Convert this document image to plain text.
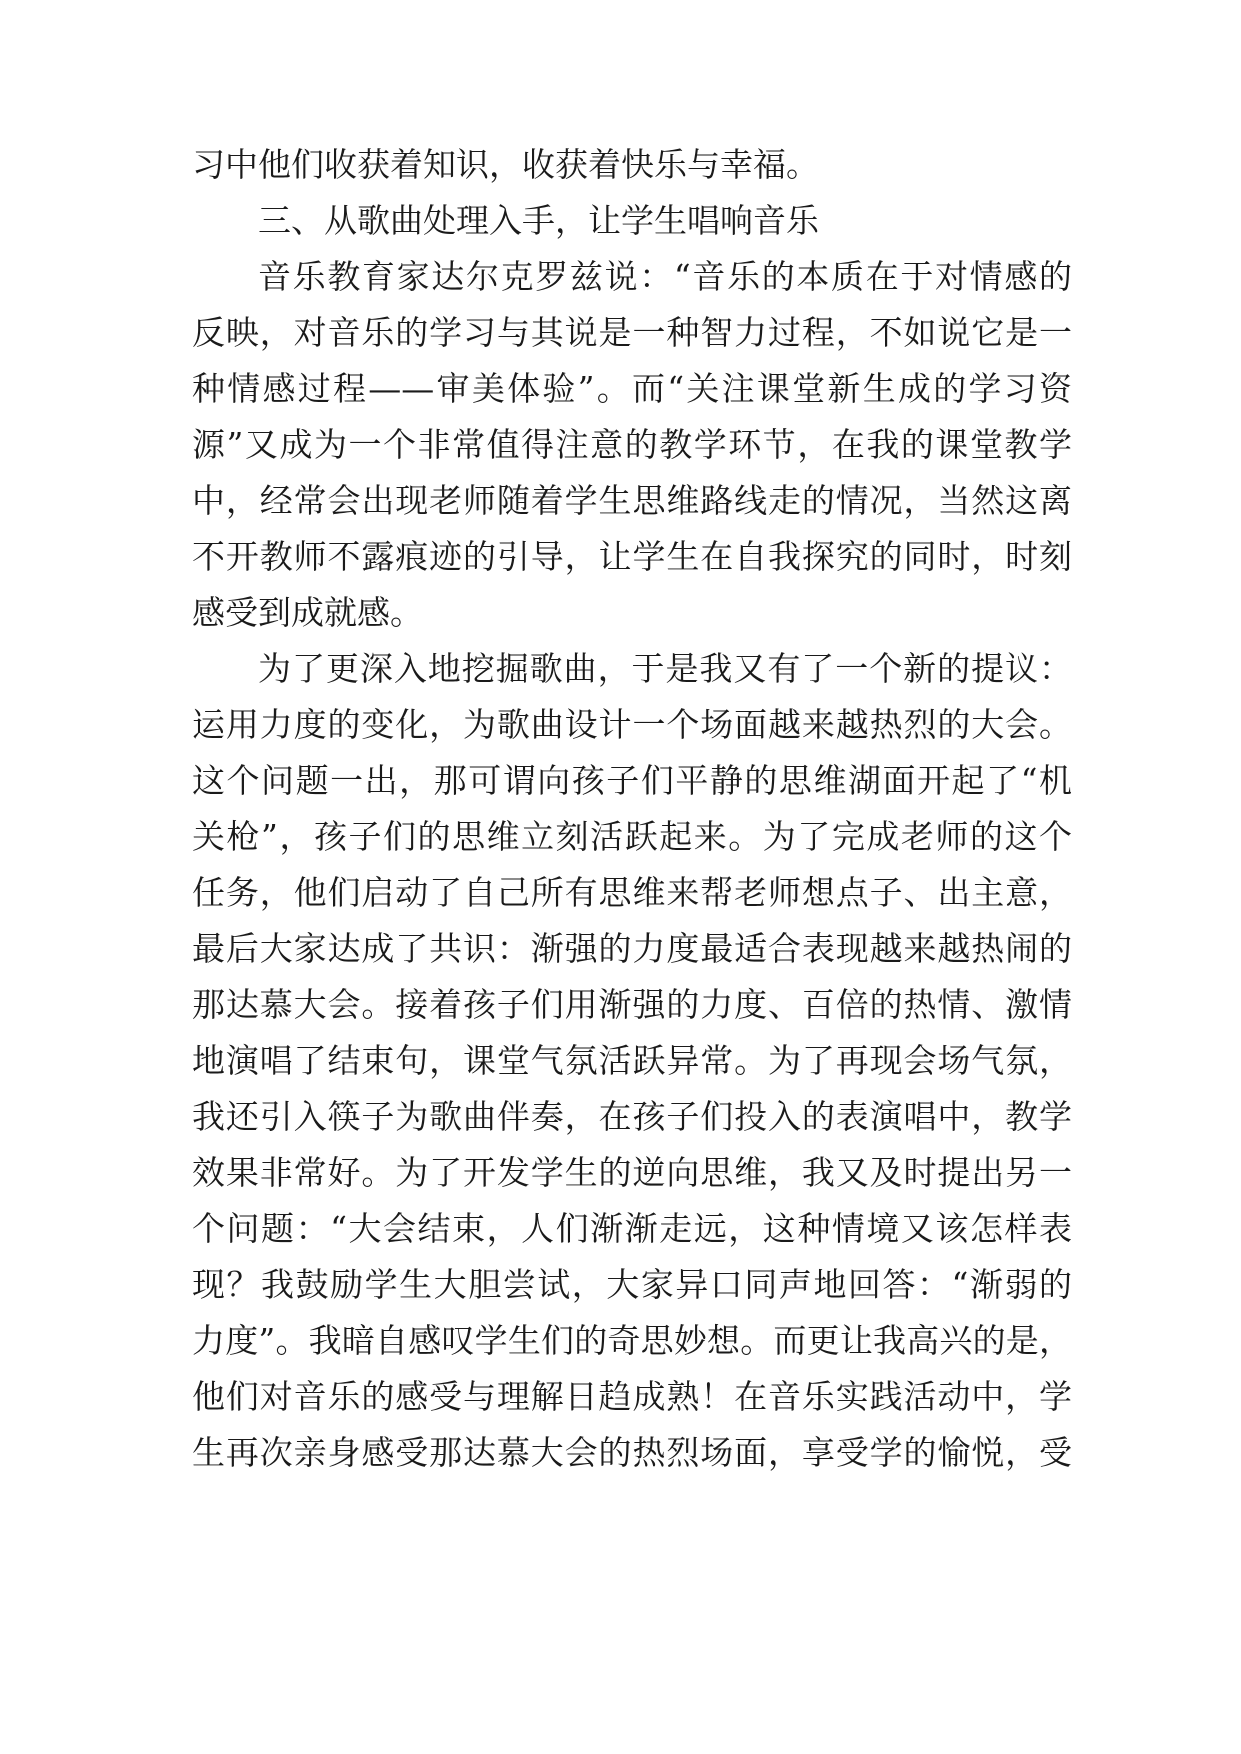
习中他们收获着知识，收获着快乐与幸福。
三、从歌曲处理入手，让学生唱响音乐
音乐教育家达尔克罗兹说：“音乐的本质在于对情感的
反映，对音乐的学习与其说是一种智力过程，不如说它是一
种情感过程——审美体验”。而“关注课堂新生成的学习资
源”又成为一个非常值得注意的教学环节，在我的课堂教学
中，经常会出现老师随着学生思维路线走的情况，当然这离
不开教师不露痕迹的引导，让学生在自我探究的同时，时刻
感受到成就感。
为了更深入地挖掘歌曲，于是我又有了一个新的提议：
运用力度的变化，为歌曲设计一个场面越来越热烈的大会。
这个问题一出，那可谓向孩子们平静的思维湖面开起了“机
关枪”，孩子们的思维立刻活跃起来。为了完成老师的这个
任务，他们启动了自己所有思维来帮老师想点子、出主意，
最后大家达成了共识：渐强的力度最适合表现越来越热闹的
那达慕大会。接着孩子们用渐强的力度、百倍的热情、激情
地演唱了结束句，课堂气氛活跃异常。为了再现会场气氛，
我还引入筷子为歌曲伴奏，在孩子们投入的表演唱中，教学
效果非常好。为了开发学生的逆向思维，我又及时提出另一
个问题：“大会结束，人们渐渐走远，这种情境又该怎样表
现？我鼓励学生大胆尝试，大家异口同声地回答：“渐弱的
力度”。我暗自感叹学生们的奇思妙想。而更让我高兴的是，
他们对音乐的感受与理解日趋成熟！在音乐实践活动中，学
生再次亲身感受那达慕大会的热烈场面，享受学的愉悦，受
